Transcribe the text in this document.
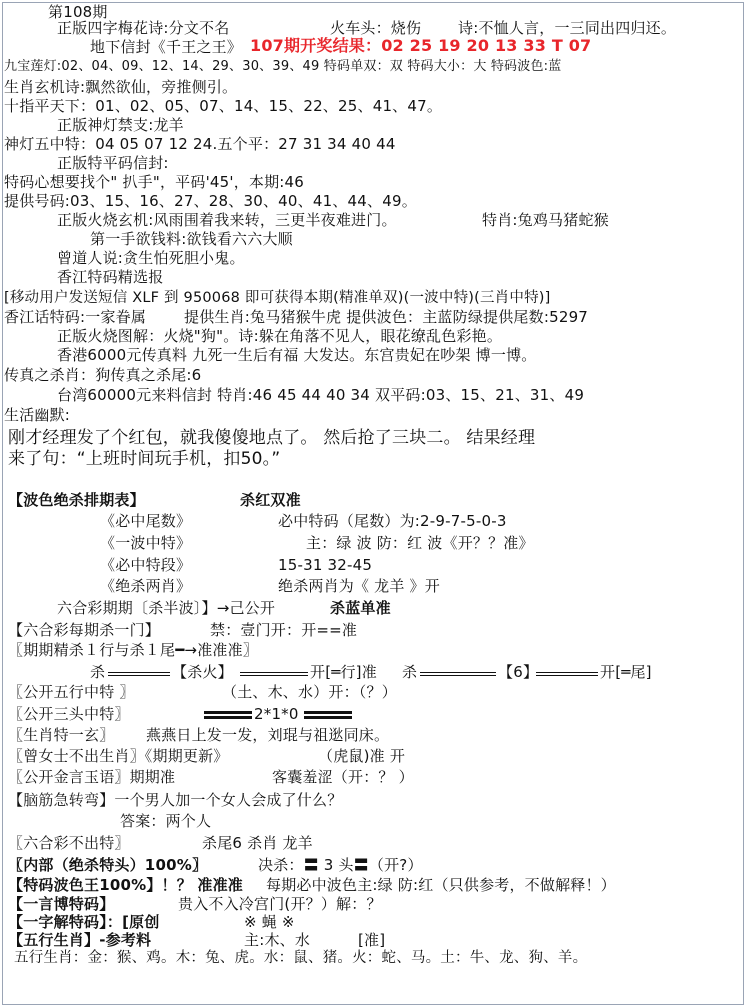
第108期
正版四字梅花诗:分文不名	火车头：烧伤 诗:不恤人言，一三同出四归还。
地下信封《千王之王》 107期开奖结果：02 25 19 20 13 33 T 07
九宝莲灯:02、04、09、12、14、29、30、39、49 特码单双：双 特码大小：大 特码波色:蓝
生肖玄机诗:飘然欲仙，旁推侧引。
十指平天下：01、02、05、07、14、15、22、25、41、47。
正版神灯禁支:龙羊
神灯五中特：04 05 07 12 24.五个平：27 31 34 40 44
正版特平码信封:
特码心想要找个" 扒手"，平码'45'，本期:46
提供号码:03、15、16、27、28、30、40、41、44、49。
正版火烧玄机:风雨围着我来转，三更半夜难进门。	特肖:兔鸡马猪蛇猴
第一手欲钱料:欲钱看六六大顺
曾道人说:贪生怕死胆小鬼。
香江特码精选报
[移动用户发送短信 XLF 到 950068 即可获得本期(精准单双)(一波中特)(三肖中特)]
香江话特码:一家眷属	提供生肖:兔马猪猴牛虎 提供波色：主蓝防绿提供尾数:5297
正版火烧图解：火烧"狗"。诗:躲在角落不见人，眼花缭乱色彩艳。
香港6000元传真料 九死一生后有福 大发达。东宫贵妃在吵架 博一博。
传真之杀肖：狗传真之杀尾:6
台湾60000元来料信封 特肖:46 45 44 40 34 双平码:03、15、21、31、49
生活幽默:
刚才经理发了个红包，就我傻傻地点了。 然后抢了三块二。 结果经理
来了句：“上班时间玩手机，扣50。”
【波色绝杀排期表】	杀红双准
《必中尾数》	必中特码（尾数）为:2-9-7-5-0-3
《一波中特》	主：绿 波 防：红 波《开？？准》
《必中特段》	15-31 32-45
《绝杀两肖》	绝杀两肖为《 龙羊 》开
六合彩期期〔杀半波〕】→己公开	杀蓝单准
【六合彩每期杀一门】	禁：壹门开：开==准
〖期期精杀１行与杀１尾━→准准准〗
杀	【杀火】	开[═行]准 杀	【6】	开[═尾]
〖公开五行中特 〗	（土、木、水）开：（？）
〖公开三头中特〗	2*1*0
〖生肖特一玄〗 燕燕日上发一发，刘琨与祖逖同床。
〖曾女士不出生肖〗《期期更新》	（虎鼠)准 开
〖公开金言玉语〗期期准	客囊羞涩（开：？ ）
【脑筋急转弯】一个男人加一个女人会成了什么？
答案：两个人
〖六合彩不出特〗	杀尾6 杀肖 龙羊
〖内部（绝杀特头）100%〗	决杀：〓 3 头〓（开?）
【特码波色王100%】！？ 准准准 每期必中波色主:绿 防:红（只供参考，不做解释！）
【一言博特码】	贵入不入冷宫门(开？）解：？
【一字解特码】：[原创	※ 蝇 ※
【五行生肖】-参考料	主:木、水	[准]
五行生肖：金：猴、鸡。木：兔、虎。水：鼠、猪。火：蛇、马。土：牛、龙、狗、羊。
